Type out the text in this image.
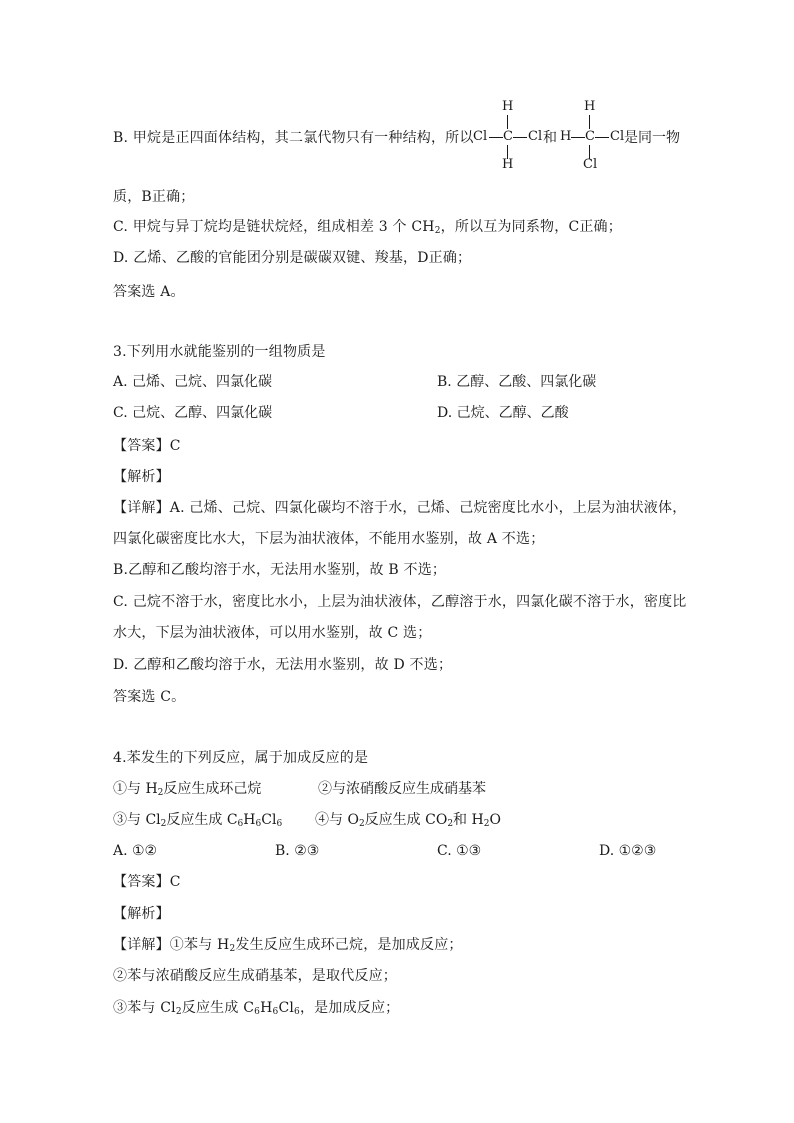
B. 甲烷是正四面体结构，其二氯代物只有一种结构，所以
H
Cl C Cl
H
和
H
H C Cl
Cl
是同一物
质，B正确；
C. 甲烷与异丁烷均是链状烷烃，组成相差 3 个 $CH_2$，所以互为同系物，C正确；
D. 乙烯、乙酸的官能团分别是碳碳双键、羧基，D正确；
答案选 A。
3.下列用水就能鉴别的一组物质是
A. 己烯、己烷、四氯化碳	B. 乙醇、乙酸、四氯化碳
C. 己烷、乙醇、四氯化碳	D. 己烷、乙醇、乙酸
【答案】C
【解析】
【详解】A. 己烯、己烷、四氯化碳均不溶于水，己烯、己烷密度比水小，上层为油状液体，
四氯化碳密度比水大，下层为油状液体，不能用水鉴别，故 A 不选；
B.乙醇和乙酸均溶于水，无法用水鉴别，故 B 不选；
C. 己烷不溶于水，密度比水小，上层为油状液体，乙醇溶于水，四氯化碳不溶于水，密度比
水大，下层为油状液体，可以用水鉴别，故 C 选；
D. 乙醇和乙酸均溶于水，无法用水鉴别，故 D 不选；
答案选 C。
4.苯发生的下列反应，属于加成反应的是
①与 $H_2$反应生成环己烷	②与浓硝酸反应生成硝基苯
③与 $Cl_2$反应生成 $C_6H_6Cl_6$ ④与 $O_2$反应生成 $CO_2$和 $H_2O$
A. ①②	B. ②③	C. ①③	D. ①②③
【答案】C
【解析】
【详解】①苯与 $H_2$发生反应生成环己烷，是加成反应；
②苯与浓硝酸反应生成硝基苯，是取代反应；
③苯与 $Cl_2$反应生成 $C_6H_6Cl_6$，是加成反应；
